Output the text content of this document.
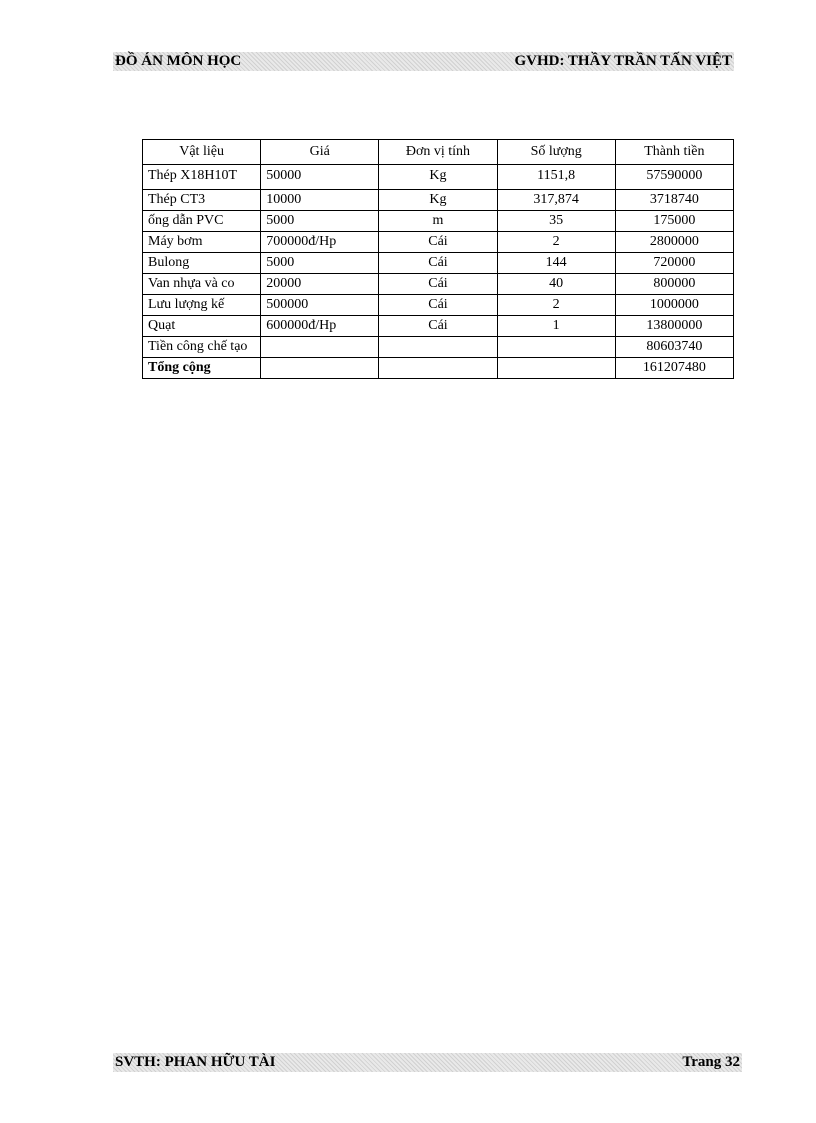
ĐỒ ÁN MÔN HỌC	GVHD: THẦY TRẦN TẤN VIỆT
Vật liệu	Giá	Đơn vị tính	Số lượng	Thành tiền
Thép X18H10T	50000	Kg	1151,8	57590000
Thép CT3	10000	Kg	317,874	3718740
ống dẫn PVC	5000	m	35	175000
Máy bơm	700000đ/Hp	Cái	2	2800000
Bulong	5000	Cái	144	720000
Van nhựa và co	20000	Cái	40	800000
Lưu lượng kế	500000	Cái	2	1000000
Quạt	600000đ/Hp	Cái	1	13800000
Tiền công chế tạo				80603740
Tổng cộng				161207480
SVTH: PHAN HỮU TÀI	Trang 32
